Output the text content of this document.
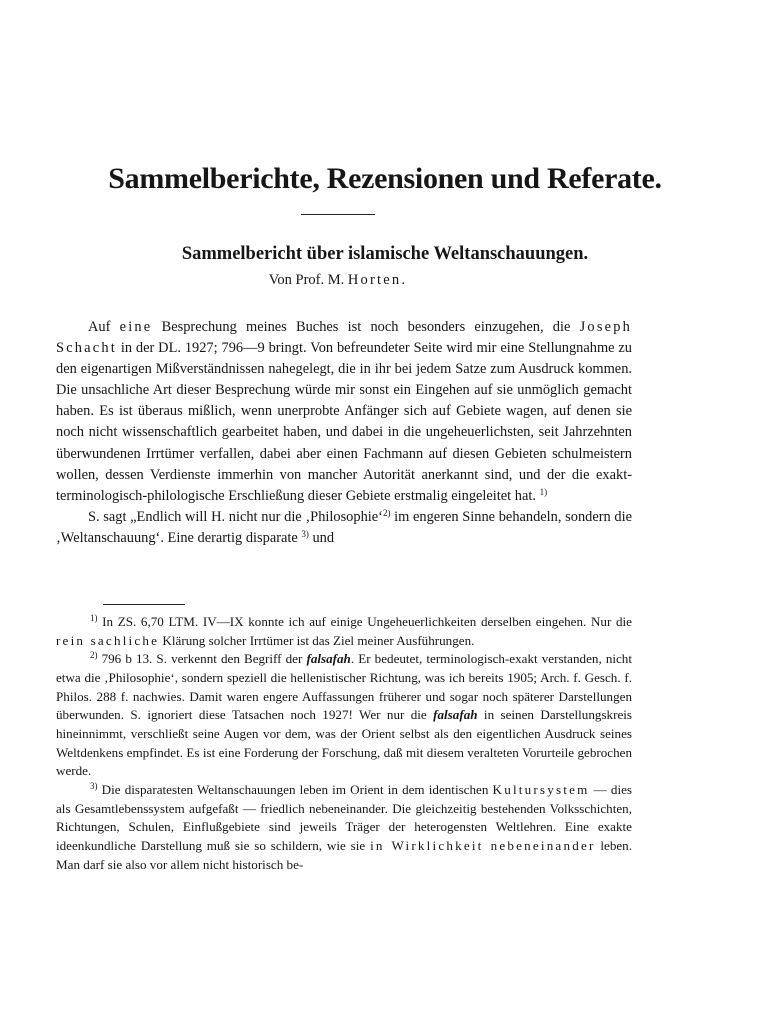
Sammelberichte, Rezensionen und Referate.
Sammelbericht über islamische Weltanschauungen.
Von Prof. M. Horten.

Auf eine Besprechung meines Buches ist noch besonders einzugehen, die Joseph Schacht in der DL. 1927; 796—9 bringt. Von befreundeter Seite wird mir eine Stellungnahme zu den eigenartigen Mißverständnissen nahegelegt, die in ihr bei jedem Satze zum Ausdruck kommen. Die unsachliche Art dieser Besprechung würde mir sonst ein Eingehen auf sie unmöglich gemacht haben. Es ist überaus mißlich, wenn unerprobte Anfänger sich auf Gebiete wagen, auf denen sie noch nicht wissenschaftlich gearbeitet haben, und dabei in die ungeheuerlichsten, seit Jahrzehnten überwundenen Irrtümer verfallen, dabei aber einen Fachmann auf diesen Gebieten schulmeistern wollen, dessen Verdienste immerhin von mancher Autorität anerkannt sind, und der die exakt-terminologisch-philologische Erschließung dieser Gebiete erstmalig eingeleitet hat. $^{1)}$

S. sagt „Endlich will H. nicht nur die ‚Philosophie‘$^{2)}$ im engeren Sinne behandeln, sondern die ‚Weltanschauung‘. Eine derartig disparate $^{3)}$ und

$^{1)}$ In ZS. 6,70 LTM. IV—IX konnte ich auf einige Ungeheuerlichkeiten derselben eingehen. Nur die rein sachliche Klärung solcher Irrtümer ist das Ziel meiner Ausführungen.

$^{2)}$ 796 b 13. S. verkennt den Begriff der falsafah. Er bedeutet, terminologisch-exakt verstanden, nicht etwa die ‚Philosophie‘, sondern speziell die hellenistischer Richtung, was ich bereits 1905; Arch. f. Gesch. f. Philos. 288 f. nachwies. Damit waren engere Auffassungen früherer und sogar noch späterer Darstellungen überwunden. S. ignoriert diese Tatsachen noch 1927! Wer nur die falsafah in seinen Darstellungskreis hineinnimmt, verschließt seine Augen vor dem, was der Orient selbst als den eigentlichen Ausdruck seines Weltdenkens empfindet. Es ist eine Forderung der Forschung, daß mit diesem veralteten Vorurteile gebrochen werde.

$^{3)}$ Die disparatesten Weltanschauungen leben im Orient in dem identischen Kultursystem — dies als Gesamtlebenssystem aufgefaßt — friedlich nebeneinander. Die gleichzeitig bestehenden Volksschichten, Richtungen, Schulen, Einflußgebiete sind jeweils Träger der heterogensten Weltlehren. Eine exakte ideenkundliche Darstellung muß sie so schildern, wie sie in Wirklichkeit nebeneinander leben. Man darf sie also vor allem nicht historisch be-
